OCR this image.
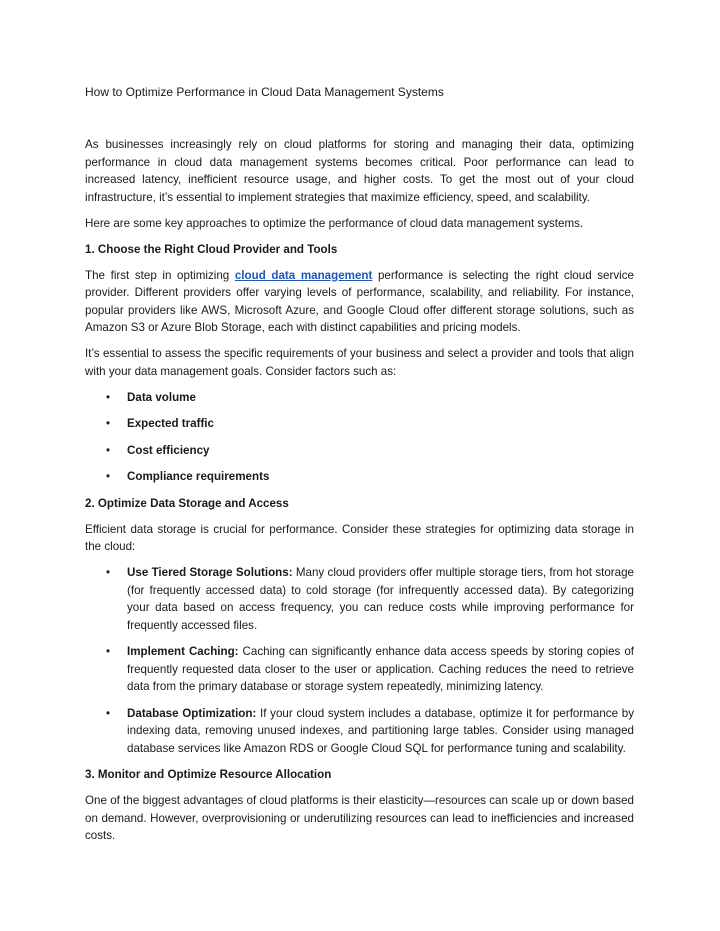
How to Optimize Performance in Cloud Data Management Systems

As businesses increasingly rely on cloud platforms for storing and managing their data, optimizing performance in cloud data management systems becomes critical. Poor performance can lead to increased latency, inefficient resource usage, and higher costs. To get the most out of your cloud infrastructure, it’s essential to implement strategies that maximize efficiency, speed, and scalability.

Here are some key approaches to optimize the performance of cloud data management systems.

1. Choose the Right Cloud Provider and Tools

The first step in optimizing cloud data management performance is selecting the right cloud service provider. Different providers offer varying levels of performance, scalability, and reliability. For instance, popular providers like AWS, Microsoft Azure, and Google Cloud offer different storage solutions, such as Amazon S3 or Azure Blob Storage, each with distinct capabilities and pricing models.

It’s essential to assess the specific requirements of your business and select a provider and tools that align with your data management goals. Consider factors such as:

• Data volume
• Expected traffic
• Cost efficiency
• Compliance requirements
2. Optimize Data Storage and Access

Efficient data storage is crucial for performance. Consider these strategies for optimizing data storage in the cloud:

• Use Tiered Storage Solutions: Many cloud providers offer multiple storage tiers, from hot storage (for frequently accessed data) to cold storage (for infrequently accessed data). By categorizing your data based on access frequency, you can reduce costs while improving performance for frequently accessed files.
• Implement Caching: Caching can significantly enhance data access speeds by storing copies of frequently requested data closer to the user or application. Caching reduces the need to retrieve data from the primary database or storage system repeatedly, minimizing latency.
• Database Optimization: If your cloud system includes a database, optimize it for performance by indexing data, removing unused indexes, and partitioning large tables. Consider using managed database services like Amazon RDS or Google Cloud SQL for performance tuning and scalability.
3. Monitor and Optimize Resource Allocation

One of the biggest advantages of cloud platforms is their elasticity—resources can scale up or down based on demand. However, overprovisioning or underutilizing resources can lead to inefficiencies and increased costs.
